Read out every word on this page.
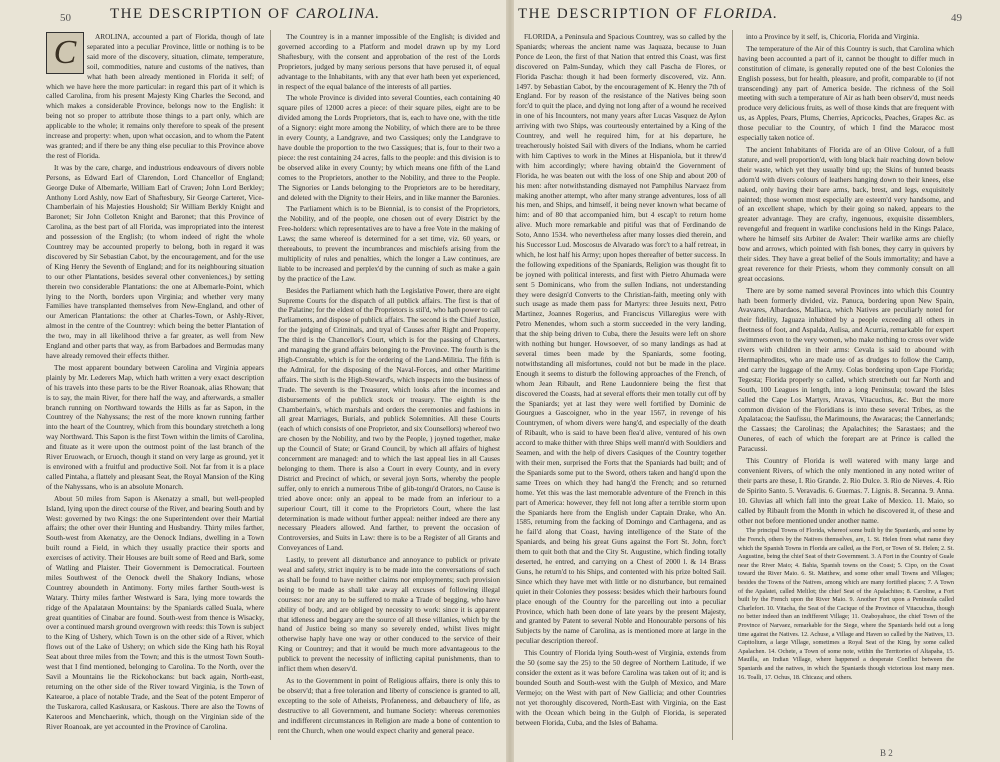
50	THE DESCRIPTION OF CAROLINA.
C	AROLINA, accounted a part of Florida, though of late separated into a peculiar Province, little or nothing is to be said more of the discovery, situation, climate, temperature, soil, commodities, nature and customs of the natives, than what hath been already mentioned in Florida it self; of which we have here the more particular: in regard this part of it which is called Carolina, from his present Majesty King Charles the Second, and which makes a considerable Province, belongs now to the English: it being not so proper to attribute those things to a part only, which are applicable to the whole; it remains only therefore to speak of the present increase and property: when, upon what occasion, and to whom the Patent was granted; and if there be any thing else peculiar to this Province above the rest of Florida.

It was by the care, charge, and industrious endeavours of divers noble Persons, as Edward Earl of Clarendon, Lord Chancellor of England; George Duke of Albemarle, William Earl of Craven; John Lord Berkley; Anthony Lord Ashly, now Earl of Shaftesbury, Sir George Carteret, Vice-Chamberlain of his Majesties Houshold; Sir William Berkly Knight and Baronet; Sir John Colleton Knight and Baronet; that this Province of Carolina, as the best part of all Florida, was impropriated into the interest and possession of the English; (to whom indeed of right the whole Countrey may be accounted properly to belong, both in regard it was discovered by Sir Sebastian Cabot, by the encouragement, and for the use of King Henry the Seventh of England; and for its neighbouring situation to our other Plantations, besides several other conveniences,) by setting therein two considerable Plantations: the one at Albemarle-Point, which lying to the North, borders upon Virginia; and whether very many Families have transplanted themselves from New-England, and other of our American Plantations: the other at Charles-Town, or Ashly-River, almost in the centre of the Countrey: which being the better Plantation of the two, may in all likelihood thrive a far greater, as well from New England and other parts that way, as from Barbadoes and Bermudas many have already removed their effects thither.

The most apparent boundary between Carolina and Virginia appears plainly by Mr. Lederers Map, which hath written a very exact description of his travels into these parts to be the River Roanoak, alias Rhowan; that is to say, the main River, for there half the way, and afterwards, a smaller branch running on Northward towards the Hills as far as Sapon, in the Countrey of the Nahyssans; the rest of the more known running farther into the heart of the Countrey, which from this boundary stretcheth a long way Northward. This Sapon is the first Town within the limits of Carolina, and fituate as it were upon the outmost point of the last branch of the River Eruowach, or Eruoch, though it stand on very large as ground, yet it is environed with a fruitful and productive Soil. Not far from it is a place called Pintaha, a flattely and pleasant Seat, the Royal Mansion of the King of the Nahyssans, who is an absolute Monarch.

About 50 miles from Sapon is Akenatzy a small, but well-peopled Island, lying upon the direct course of the River, and bearing South and by West: governed by two Kings: the one Superintendent over their Martial affairs; the other over their Hunting and Husbandry. Thirty miles farther, South-west from Akenatzy, are the Oenock Indians, dwelling in a Town built round a Field, in which they usually practice their sports and exercises of activity. Their Houses are built some of Reed and Bark, some of Watling and Plaister. Their Government is Democratical. Fourteen miles Southwest of the Oenock dwell the Shakory Indians, whose Countrey aboundeth in Antimony. Forty miles farther South-west is Watary. Thirty miles farther Westward is Sara, lying more towards the ridge of the Apalatæan Mountains: by the Spaniards called Suala, where great quantities of Cinabar are found. South-west from thence is Wisacky, over a continued marsh ground overgrown with reeds: this Town is subject to the King of Ushery, which Town is on the other side of a River, which flows out of the Lake of Ushery; on which side the King hath his Royal Seat about three miles from the Town; and this is the utmost Town South-west that I find mentioned, belonging to Carolina. To the North, over the Savil a Mountains lie the Rickohockans: but back again, North-east, returning on the other side of the River toward Virginia, is the Town of Katearoe, a place of notable Trade, and the Seat of the potent Emperor of the Tuskarora, called Kaskusara, or Kaskous. There are also the Towns of Kateroos and Menchaerink, which, though on the Virginian side of the River Roanoak, are yet accounted in the Province of Carolina.

The Countrey is in a manner impossible of the English; is divided and governed according to a Platform and model drawn up by my Lord Shaftesbury, with the consent and approbation of the rest of the Lords Proprietors, judged by many serious persons that have perused it, of equal advantage to the Inhabitants, with any that ever hath been yet experienced, in respect of the equal balance of the interests of all parties.

The whole Province is divided into several Counties, each containing 40 square piles of 12000 acres a piece: of their square piles, eight are to be divided among the Lords Proprietors, that is, each to have one, with the title of a Signory: eight more among the Nobility, of which there are to be three in every County, a Landgrave, and two Cassiques; only the Landgrave to have double the proportion to the two Cassiques; that is, four to their two a piece: the rest containing 24 acres, falls to the people: and this division is to be observed alike in every County; by which means one fifth of the Land comes to the Proprietors, another to the Nobility, and three to the People. The Signories or Lands belonging to the Proprietors are to be hereditary, and deleted with the Dignity to their Heirs, and in like manner the Baronies.

The Parliament which is to be Biennial, is to consist of the Proprietors, the Nobility, and of the people, one chosen out of every District by the Free-holders: which representatives are to have a free Vote in the making of Laws; the same whereof is determined for a set time, viz. 60 years, or thereabouts, to prevent the incumbrances and mischiefs arising from the multiplicity of rules and penalties, which the longer a Law continues, are liable to be increased and perplex'd by the cunning of such as make a gain by the practice of the Law.

Besides the Parliament which hath the Legislative Power, there are eight Supreme Courts for the dispatch of all publick affairs. The first is that of the Palatine; for the eldest of the Proprietors is stil'd, who hath power to call Parliaments, and dispose of publick affairs. The second is the Chief Justice, for the judging of Criminals, and tryal of Causes after Right and Property. The third is the Chancellor's Court, which is for the passing of Charters, and managing the grand affairs belonging to the Province. The fourth is the High-Constable, which is for the ordering of the Land-Militia. The fifth is the Admiral, for the disposing of the Naval-Forces, and other Maritime affairs. The sixth is the High-Steward's, which inspects into the business of Trade. The seventh is the Treasurer, which looks after the incomes and disbursements of the publick stock or treasury. The eighth is the Chamberlain's, which marshals and orders the ceremonies and fashions in all great Marriages, Burials, and publick Solemnities. All these Courts (each of which consists of one Proprietor, and six Counsellors) whereof two are chosen by the Nobility, and two by the People, ) joyned together, make up the Council of State; or Grand Council, by which all affairs of highest concernment are managed: and to which the last appeal lies in all Causes belonging to them. There is also a Court in every County, and in every District and Precinct of which, or several joyn Sorts, whereby the people suffer, only to enrich a numerous Tribe of glib-tongu'd Orators, no Cause is tried above once: only an appeal to be made from an inferiour to a superiour Court, till it come to the Proprietors Court, where the last determination is made without further appeal: neither indeed are there any necessary Pleaders allowed. And farther, to prevent the occasion of Controversies, and Suits in Law: there is to be a Register of all Grants and Conveyances of Land.

Lastly, to prevent all disturbance and annoyance to publick or private weal and safety, strict inquiry is to be made into the conversations of such as shall be found to have neither claims nor employments; such provision being to be made as shall take away all excuses of following illegal courses: nor are any to be suffered to make a Trade of begging, who have ability of body, and are obliged by necessity to work: since it is apparent that idleness and beggary are the source of all these villanies, which by the hand of Justice being so many so severely ended, whilst lives might otherwise haply have one way or other conduced to the service of their King or Countrey; and that it would be much more advantageous to the publick to prevent the necessity of inflicting capital punishments, than to inflict them when deserv'd.

As to the Government in point of Religious affairs, there is only this to be observ'd; that a free toleration and liberty of conscience is granted to all, excepting to the sole of Atheists, Profaneness, and debauchery of life, as destructive to all Government, and humane Society: whereas ceremonies and indifferent circumstances in Religion are made a bone of contention to rent the Church, when one would expect charity and general peace.

49
THE DESCRIPTION OF FLORIDA.

FLORIDA, a Peninsula and Spacious Countrey, was so called by the Spaniards; whereas the ancient name was Jaquaza, because to Juan Ponce de Leon, the first of that Nation that entred this Coast, was first discovered on Palm-Sunday, which they call Pascha de Flores, or Florida Pascha: though it had been formerly discovered, viz. Ann. 1497. by Sebastian Cabot, by the encouragement of K. Henry the 7th of England. For by reason of the resistance of the Natives being soon forc'd to quit the place, and dying not long after of a wound he received in one of his Incounters, not many years after Lucas Vasquez de Aylon arriving with two Ships, was courteously entertained by a King of the Countrey, and well he required him, for at his departure, he treacherously hoisted Sail with divers of the Indians, whom he carried with him Captives to work in the Mines at Hispaniola, but it threw'd with him accordingly; where having obtain'd the Government of Florida, he was beaten out with the loss of one Ship and about 200 of his men: after notwithstanding dismayed not Pamphilus Narvaez from making another attempt, who after many strange adventures, loss of all his men, and Ships, and himself, it being never known what became of him: and of 80 that accompanied him, but 4 escap't to return home alive. Much more remarkable and pitiful was that of Ferdinando de Soto, Anno 1534. who nevertheless after many losses died therein, and his Successor Lud. Moscosus de Alvarado was forc't to a half retreat, in which, he lost half his Army; upon hopes thereafter of better success. In the following expeditions of the Spaniards, Religion was thought fit to be joyned with political interests, and first with Pietro Ahumada were sent 5 Dominicans, who from the sullen Indians, not understanding they were design'd Converts to the Christian-faith, meeting only with such usage as made them pass for Martyrs: three Jesuits next, Petro Martinez, Joannes Rogerius, and Franciscus Villaregius were with Petro Menendes, whom such a storm succeeded in the very landing, that the ship being driven to Cuba, there the Jesuits were left on shore with nothing but hunger. Howsoever, of so many landings as had at several times been made by the Spaniards, some footing, notwithstanding all misfortunes, could not but be made in the place. Enough it seems to disturb the following approaches of the French, of whom Jean Ribault, and Rene Laudonniere being the first that discovered the Coasts, had at several efforts their men totally cut off by the Spaniards; yet at last they were well fortified by Dominic de Gourgues a Gascoigner, who in the year 1567, in revenge of his Countrymen, of whom divers were hang'd, and especially of the death of Ribault, who is said to have been flea'd alive, ventured of his own accord to make thither with three Ships well mann'd with Souldiers and Seamen, and with the help of divers Casiques of the Country together with their men, surprised the Forts that the Spaniards had built; and of the Spaniards some put to the Sword, others taken and hang'd upon the same Trees on which they had hang'd the French; and so returned home. Yet this was the last memorable adventure of the French in this part of America: however, they fell not long after a terrible storm upon the Spaniards here from the English under Captain Drake, who An. 1585, returning from the facking of Domingo and Carthagena, and as he fail'd along that Coast, having intelligence of the State of the Spaniards, and being his great Guns against the Fort St. John, forc't them to quit both that and the City St. Augustine, which finding totally deserted, he entred, and carrying on a Chest of 2000 l. & 14 Brass Guns, he return'd to his Ships, and contented with his prize bolted Sail. Since which they have met with little or no disturbance, but remained quiet in their Colonies they possess: besides which their harbours found place enough of the Country for the parcelling out into a peculiar Province, which hath been done of late years by the present Majesty, and granted by Patent to several Noble and Honourable persons of his Subjects by the name of Carolina, as is mentioned more at large in the peculiar description thereof.

This Country of Florida lying South-west of Virginia, extends from the 50 (some say the 25) to the 50 degree of Northern Latitude, if we consider the extent as it was before Carolina was taken out of it; and is bounded South and South-west with the Gulph of Mexico, and Mare Vermejo; on the West with part of New Gallicia; and other Countries not yet thoroughly discovered, North-East with Virginia, on the East with the Ocean which being in the Gulph of Florida, is seperated between Florida, Cuba, and the Isles of Bahama.

into a Province by it self, is, Chicoria, Florida and Virginia.

The temperature of the Air of this Country is such, that Carolina which having been accounted a part of it, cannot be thought to differ much in constitution of climate, is generally reputed one of the best Colonies the English possess, but for health, pleasure, and profit, comparable to (if not transcending) any part of America beside. The richness of the Soil meeting with such a temperature of Air as hath been observ'd, must needs produce very delicious fruits, as well of those kinds that are frequent with us, as Apples, Pears, Plums, Cherries, Apricocks, Peaches, Grapes &c. as those peculiar to the Country, of which I find the Maracoc most especially taken notice of.

The ancient Inhabitants of Florida are of an Olive Colour, of a full stature, and well proportion'd, with long black hair reaching down below their waste, which yet they usually bind up; the Skins of hunted beasts adorn'd with divers colours of leathers hanging down to their knees, else naked, only having their bare arms, back, brest, and legs, exquisitely painted; those women most especially are esteem'd very handsome, and of an excellent shape, which by their going so naked, appears to the greater advantage. They are crafty, ingenuous, exquisite dissemblers, revengeful and frequent in warlike conclusions held in the Kings Palace, where he himself sits Arbiter de Avaler: Their warlike arms are chiefly bow and arrows, which pointed with fish bones, they carry in quivers by their sides. They have a great belief of the Souls immortality; and have a great reverence for their Priests, whom they commonly consult on all great occasions.

There are by some named several Provinces into which this Country hath been formerly divided, viz. Panuca, bordering upon New Spain, Avavares, Albardaos, Malliaca, which Natives are peculiarly noted for their fidelity, Jaguaza inhabited by a people exceeding all others in fleetness of foot, and Aspalda, Aulisa, and Acurria, remarkable for expert swimmers even to the very women, who make nothing to cross over wide rivers with children in their arms: Cevala is said to abound with Hermaphrodites, who are made use of as drudges to follow the Camp, and carry the luggage of the Army. Colas bordering upon Cape Florida; Tegesta; Florida properly so called, which stretcheth out far North and South, 100 Leagues in length, into a long Peninsula; toward the Isles called the Cape Los Martyrs, Aravas, Vitacuchus, &c. But the more common division of the Floridians is into these several Tribes, as the Apalatacoa; the Saufissu, the Marimouns, the Awaracas; the Cannerlands; the Cassaes; the Carolinas; the Apalachites; the Sarastaes; and the Ouneres, of each of which the forepart are at Prince is called the Paracussi.

This Country of Florida is well watered with many large and convenient Rivers, of which the only mentioned in any noted writer of their parts are these, I. Rio Grande. 2. Rio Dulce. 3. Rio de Nieves. 4. Rio de Spirito Santo. 5. Veravadis. 6. Guemas. 7. Lignis. 8. Secanna. 9. Anna. 10. Gluvias all which fall into the great Lake of Mexico. 11. Maio, so called by Ribault from the Month in which he discovered it, of these and other not before mentioned under another name.

The principal Towns of Florida, whereof some built by the Spaniards, and some by the French, others by the Natives themselves, are, 1. St. Helen from what name they which the Spanish Towns in Florida are called, as the Fort, or Town of St. Helen; 2. St. Augustine, being the chief Seat of their Government. 3. A Fort in the Country of Guale near the River Maio; 4. Bahia, Spanish towns on the Coast; 5. Cipo, on the Coast toward the River Maio. 6. St. Matthew, and some other small Towns and Villages; besides the Towns of the Natives, among which are many fortified places; 7. A Town of the Apalatei, called Melilot; the chief Seat of the Apalachites; 8. Caroline, a Fort built by the French upon the River Maio. 9. Another Fort upon a Peninsula called Charlefort. 10. Vitacha, the Seat of the Cacique of the Province of Vitacuchus, though no better indeed than an indifferent Village; 11. Ozaboyahuoc, the chief Town of the Province of Narvaez, remarkable for the Siege, where the Spaniards held out a long time against the Natives. 12. Achuse, a Village and Haven so called by the Natives, 13. Capitolium, a large Village, sometimes a Royal Seat of the King, by some called Apalachen. 14. Ochete, a Town of some note, within the Territories of Altapaha, 15. Mauilla, an Indian Village, where happened a desperate Conflict between the Spaniards and the natives, in which the Spaniards though victorious lost many men. 16. Toalli, 17. Ochus, 18. Chicaza; and others.

B 2
